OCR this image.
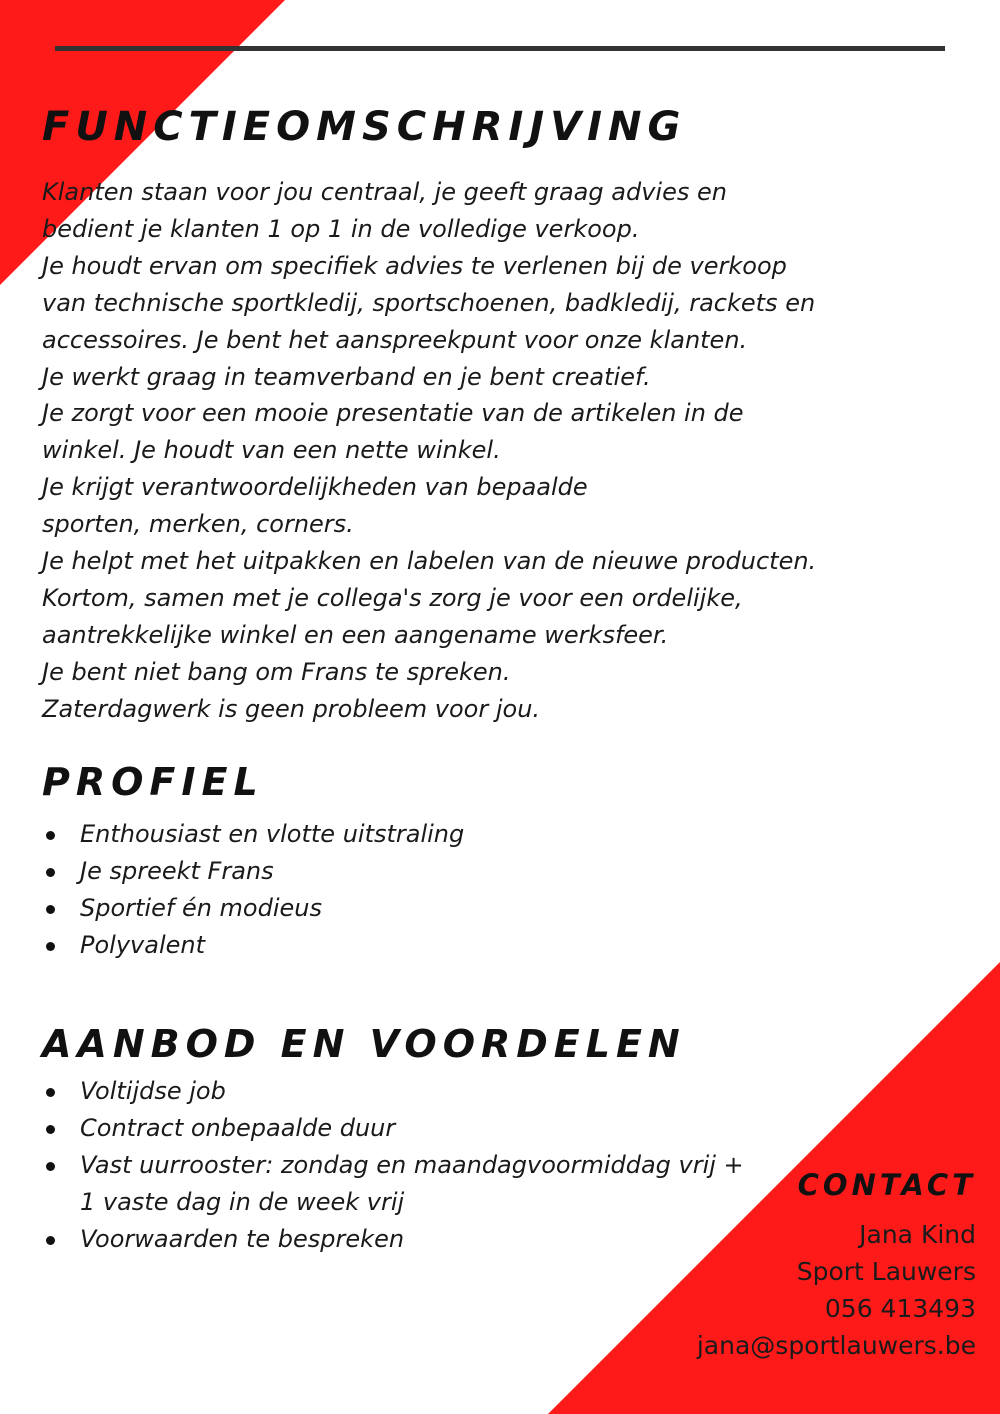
FUNCTIEOMSCHRIJVING
Klanten staan voor jou centraal, je geeft graag advies en
bedient je klanten 1 op 1 in de volledige verkoop.
Je houdt ervan om specifiek advies te verlenen bij de verkoop
van technische sportkledij, sportschoenen, badkledij, rackets en
accessoires. Je bent het aanspreekpunt voor onze klanten.
Je werkt graag in teamverband en je bent creatief.
Je zorgt voor een mooie presentatie van de artikelen in de
winkel. Je houdt van een nette winkel.
Je krijgt verantwoordelijkheden van bepaalde
sporten, merken, corners.
Je helpt met het uitpakken en labelen van de nieuwe producten.
Kortom, samen met je collega's zorg je voor een ordelijke,
aantrekkelijke winkel en een aangename werksfeer.
Je bent niet bang om Frans te spreken.
Zaterdagwerk is geen probleem voor jou.
PROFIEL
Enthousiast en vlotte uitstraling
Je spreekt Frans
Sportief én modieus
Polyvalent
AANBOD EN VOORDELEN
Voltijdse job
Contract onbepaalde duur
Vast uurrooster: zondag en maandagvoormiddag vrij +
1 vaste dag in de week vrij
Voorwaarden te bespreken
CONTACT
Jana Kind
Sport Lauwers
056 413493
jana@sportlauwers.be
